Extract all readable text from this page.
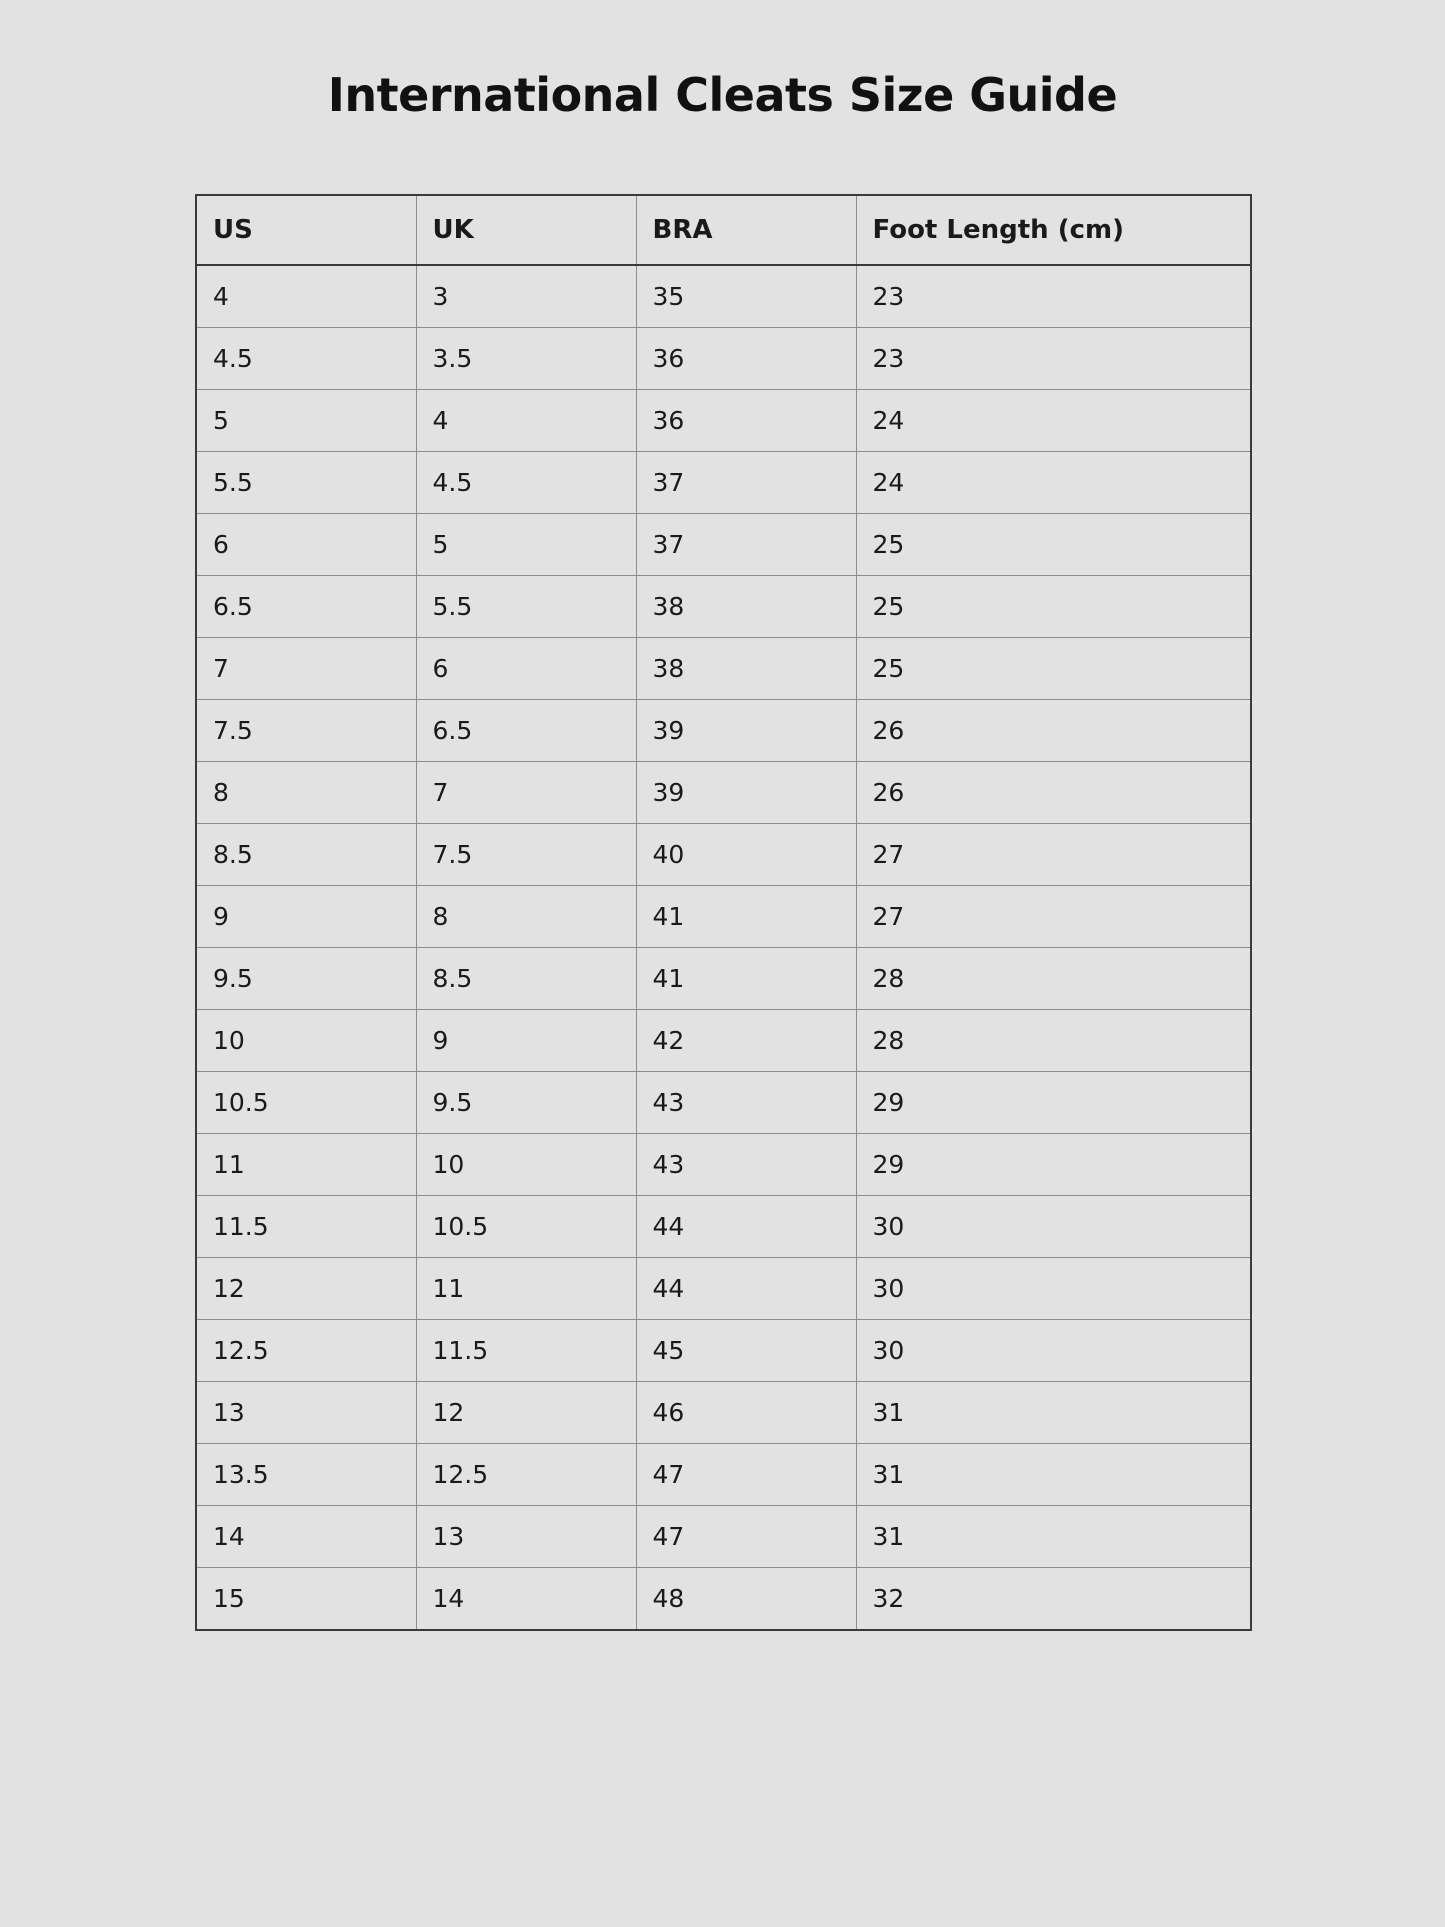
International Cleats Size Guide
US	UK	BRA	Foot Length (cm)
4	3	35	23
4.5	3.5	36	23
5	4	36	24
5.5	4.5	37	24
6	5	37	25
6.5	5.5	38	25
7	6	38	25
7.5	6.5	39	26
8	7	39	26
8.5	7.5	40	27
9	8	41	27
9.5	8.5	41	28
10	9	42	28
10.5	9.5	43	29
11	10	43	29
11.5	10.5	44	30
12	11	44	30
12.5	11.5	45	30
13	12	46	31
13.5	12.5	47	31
14	13	47	31
15	14	48	32
